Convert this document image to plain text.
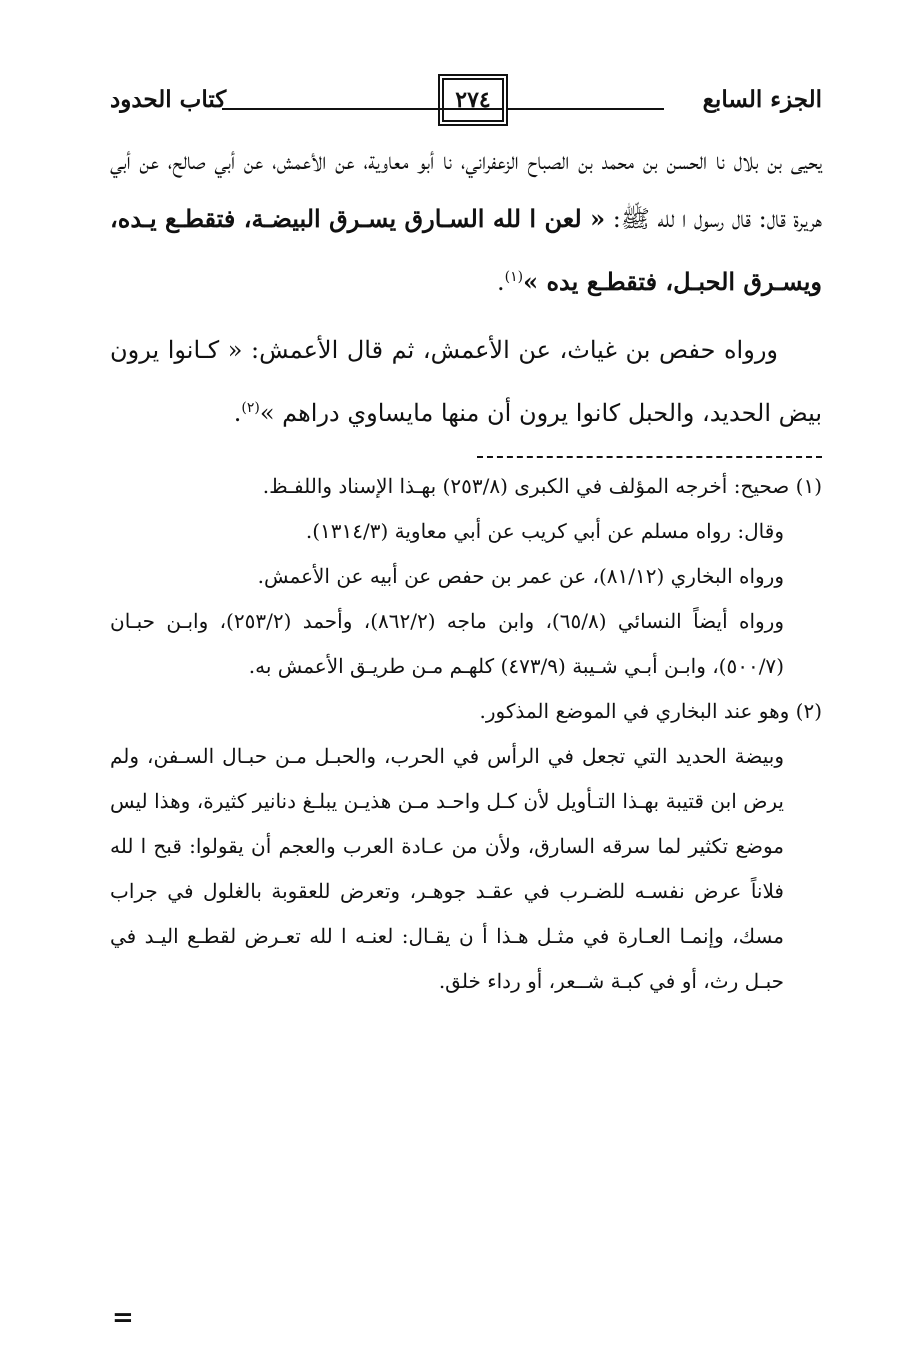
الجزء السابع
٢٧٤
كتاب الحدود

يحيى بن بلال نا الحسن بن محمد بن الصباح الزعفراني، نا أبو معاوية، عن الأعمش، عن أبي صالح، عن أبي هريرة قال: قال رسول ا لله ﷺ: « لعن ا لله السـارق يسـرق البيضـة، فتقطـع يـده، ويسـرق الحبـل، فتقطـع يده »$^{(١)}$.

ورواه حفص بن غياث، عن الأعمش، ثم قال الأعمش: « كـانوا يرون بيض الحديد، والحبل كانوا يرون أن منها مايساوي دراهم »$^{(٢)}$.

(١) صحيح: أخرجه المؤلف في الكبرى (٢٥٣/٨) بهـذا الإسناد واللفـظ.

وقال: رواه مسلم عن أبي كريب عن أبي معاوية (١٣١٤/٣).

ورواه البخاري (٨١/١٢)، عن عمر بن حفص عن أبيه عن الأعمش.

ورواه أيضاً النسائي (٦٥/٨)، وابن ماجه (٨٦٢/٢)، وأحمد (٢٥٣/٢)، وابـن حبـان (٥٠٠/٧)، وابـن أبـي شـيبة (٤٧٣/٩) كلهـم مـن طريـق الأعمش به.

(٢) وهو عند البخاري في الموضع المذكور.

وبيضة الحديد التي تجعل في الرأس في الحرب، والحبـل مـن حبـال السـفن، ولم يرض ابن قتيبة بهـذا التـأويل لأن كـل واحـد مـن هذيـن يبلـغ دنانير كثيرة، وهذا ليس موضع تكثير لما سرقه السارق، ولأن من عـادة العرب والعجم أن يقولوا: قبح ا لله فلاناً عرض نفسـه للضـرب في عقـد جوهـر، وتعرض للعقوبة بالغلول في جراب مسك، وإنمـا العـارة في مثـل هـذا أ ن يقـال: لعنـه ا لله تعـرض لقطـع اليـد في حبـل رث، أو في كبـة شــعر، أو رداء خلق.

=
